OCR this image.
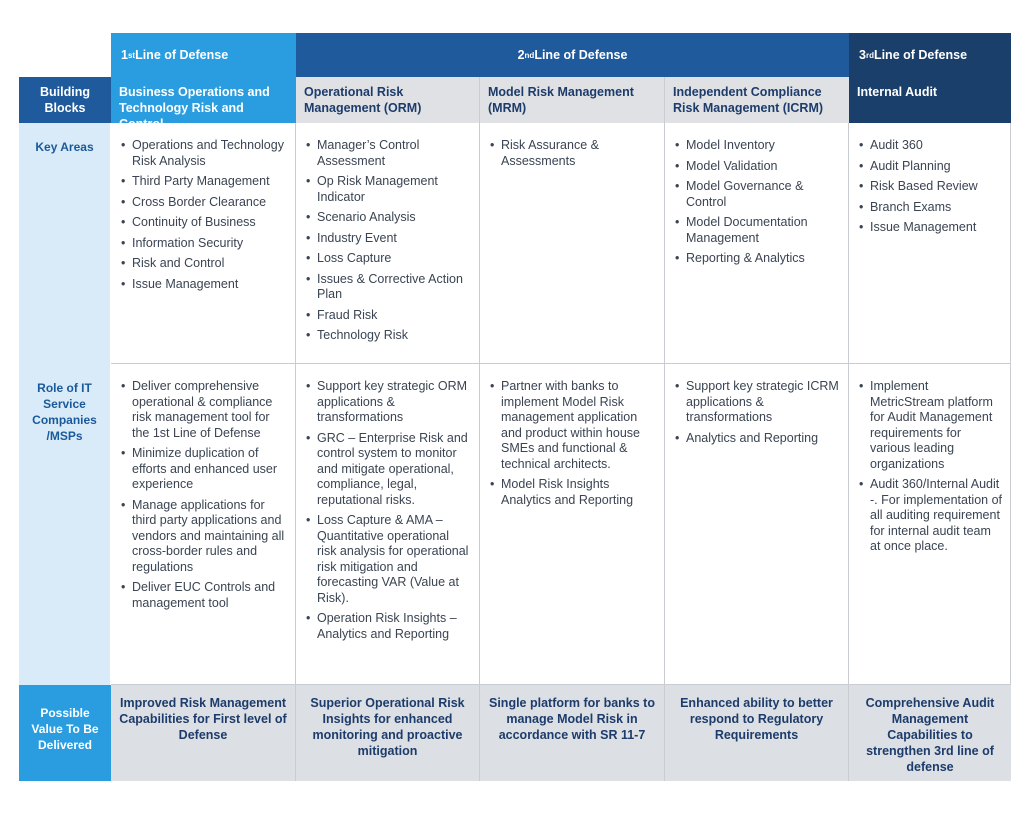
1 st Line of Defense	2 nd Line of Defense	3 rd Line of Defense
Building Blocks
Business Operations and Technology Risk and
Operational Risk Management (ORM)
Model Risk Management (MRM)
Independent Compliance Risk Management (ICRM)
Internal Audit
Key Areas
•	Operations and Technology Risk Analysis
• Third Party Management
• Cross Border Clearance
• Continuity of Business
• Information Security
• Risk and Control
• Issue Management
• Manager’s Control Assessment
• Op Risk Management Indicator
• Scenario Analysis
• Industry Event
• Loss Capture
• Issues & Corrective Action Plan
• Fraud Risk
• Technology Risk
• Risk Assurance & Assessments
• Model Inventory
• Model Validation
• Model Governance & Control
• Model Documentation Management
• Reporting & Analytics
• Audit 360
• Audit Planning
• Risk Based Review
• Branch Exams
• Issue Management
Role of IT Service Companies /MSPs
• Deliver comprehensive operational & compliance risk management tool for the 1st Line of Defense
• Minimize duplication of efforts and enhanced user experience
• Manage applications for third party applications and vendors and maintaining all cross-border rules and regulations
• Deliver EUC Controls and management tool
• Support key strategic ORM applications & transformations
• GRC – Enterprise Risk and control system to monitor and mitigate operational, compliance, legal, reputational risks.
• Loss Capture & AMA – Quantitative operational risk analysis for operational risk mitigation and forecasting VAR (Value at Risk).
• Operation Risk Insights – Analytics and Reporting
• Partner with banks to implement Model Risk management application and product within house SMEs and functional & technical architects.
• Model Risk Insights Analytics and Reporting
• Support key strategic ICRM applications & transformations
• Analytics and Reporting
• Implement MetricStream platform for Audit Management requirements for various leading organizations
• Audit 360/Internal Audit -. For implementation of all auditing requirement for internal audit team at once place.
Possible Value To Be Delivered
Improved Risk Management Capabilities for First level of Defense
Superior Operational Risk Insights for enhanced monitoring and proactive mitigation
Single platform for banks to manage Model Risk in accordance with SR 11-7
Enhanced ability to better respond to Regulatory Requirements
Comprehensive Audit Management Capabilities to strengthen 3rd line of defense
